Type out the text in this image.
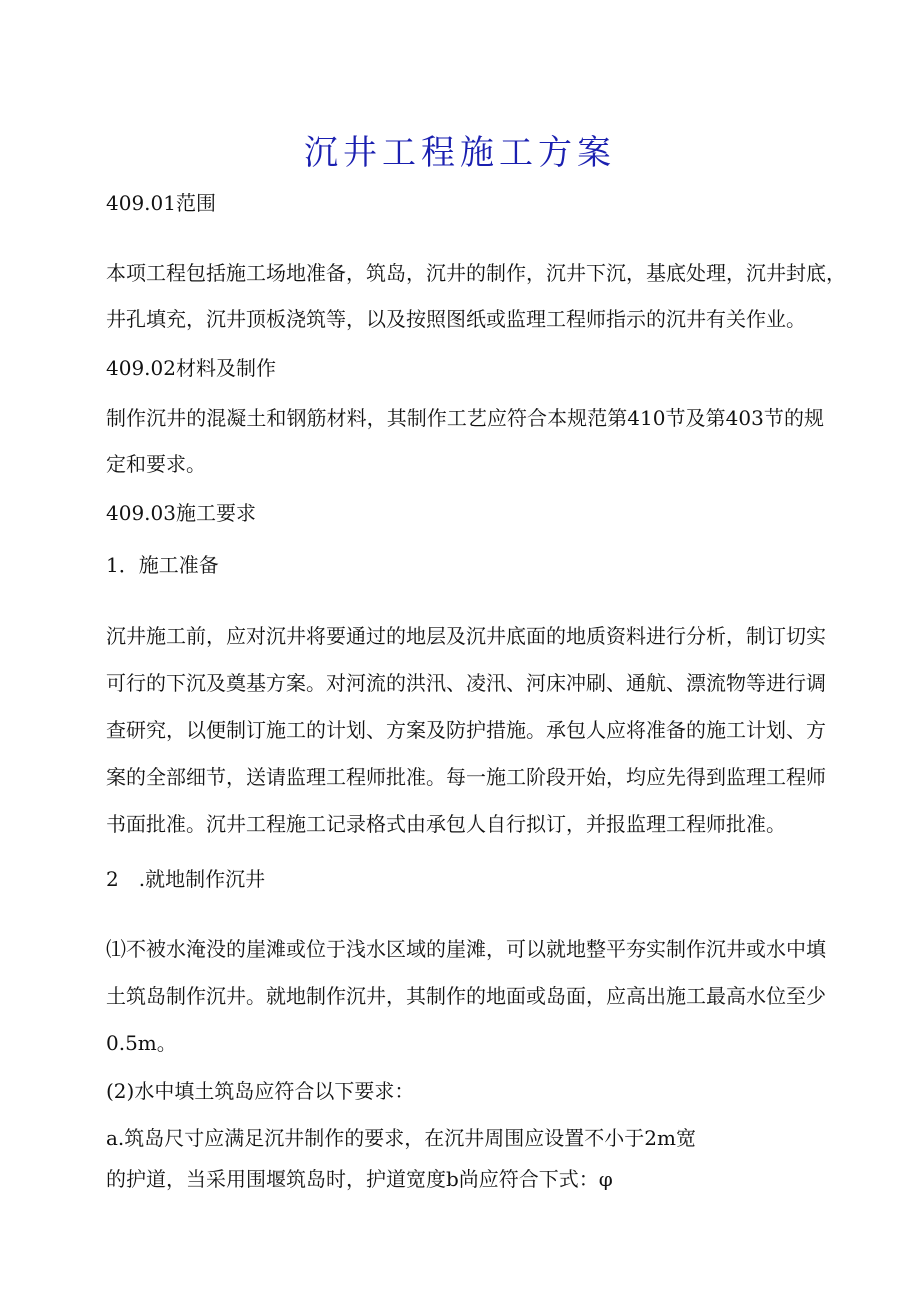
沉井工程施工方案
409.01范围
本项工程包括施工场地准备，筑岛，沉井的制作，沉井下沉，基底处理，沉井封底，
井孔填充，沉井顶板浇筑等，以及按照图纸或监理工程师指示的沉井有关作业。
409.02材料及制作
制作沉井的混凝土和钢筋材料，其制作工艺应符合本规范第410节及第403节的规
定和要求。
409.03施工要求
1．施工准备
沉井施工前，应对沉井将要通过的地层及沉井底面的地质资料进行分析，制订切实
可行的下沉及奠基方案。对河流的洪汛、凌汛、河床冲刷、通航、漂流物等进行调
查研究，以便制订施工的计划、方案及防护措施。承包人应将准备的施工计划、方
案的全部细节，送请监理工程师批准。每一施工阶段开始，均应先得到监理工程师
书面批准。沉井工程施工记录格式由承包人自行拟订，并报监理工程师批准。
2　.就地制作沉井
⑴不被水淹没的崖滩或位于浅水区域的崖滩，可以就地整平夯实制作沉井或水中填
土筑岛制作沉井。就地制作沉井，其制作的地面或岛面，应高出施工最高水位至少
0.5m。
(2)水中填土筑岛应符合以下要求：
a.筑岛尺寸应满足沉井制作的要求，在沉井周围应设置不小于2m宽
的护道，当采用围堰筑岛时，护道宽度b尚应符合下式：φ
